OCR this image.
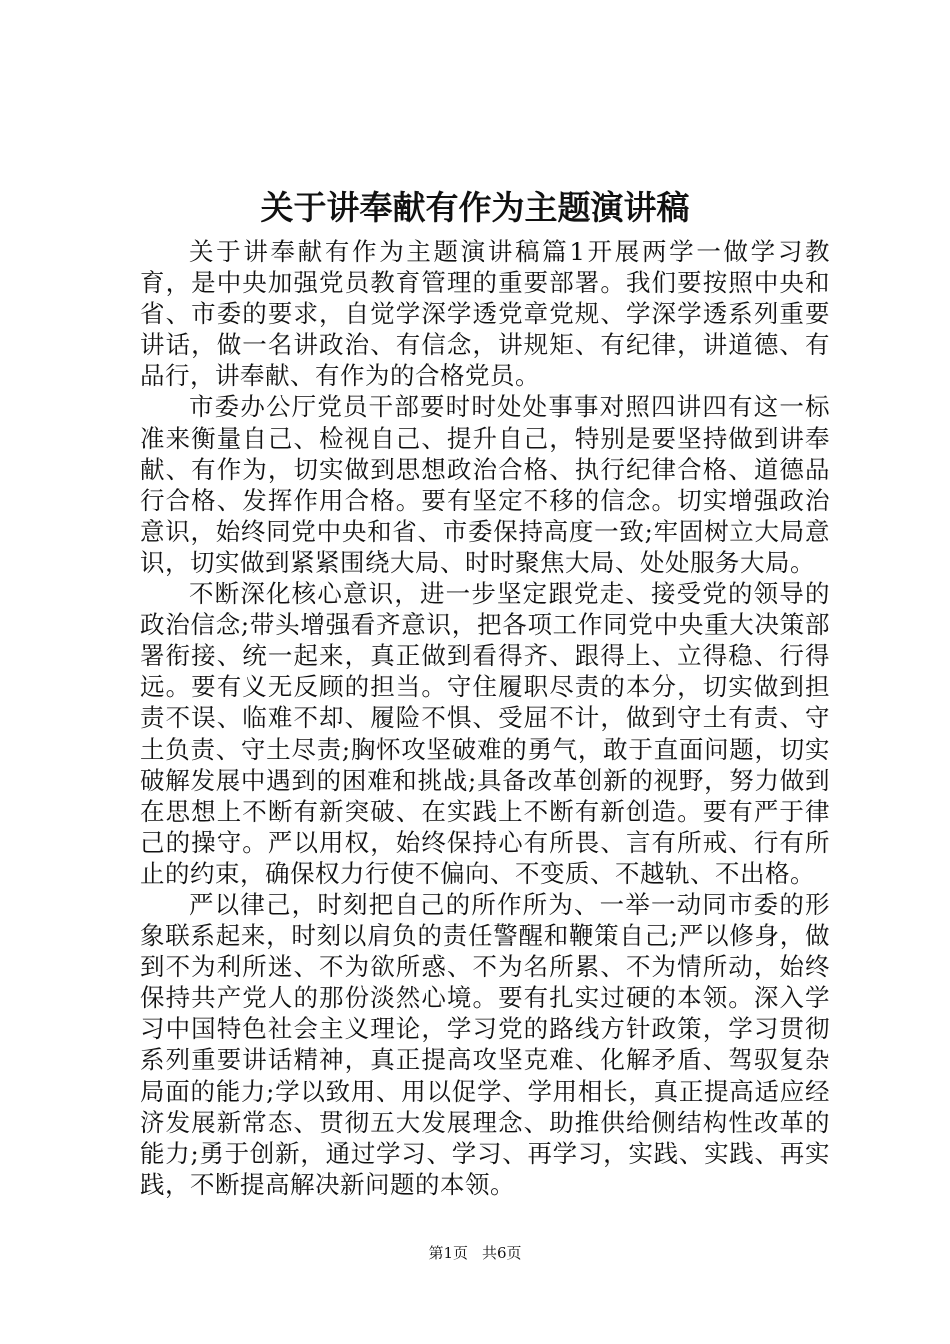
关于讲奉献有作为主题演讲稿

关于讲奉献有作为主题演讲稿篇1开展两学一做学习教育，是中央加强党员教育管理的重要部署。我们要按照中央和省、市委的要求，自觉学深学透党章党规、学深学透系列重要讲话，做一名讲政治、有信念，讲规矩、有纪律，讲道德、有品行，讲奉献、有作为的合格党员。

市委办公厅党员干部要时时处处事事对照四讲四有这一标准来衡量自己、检视自己、提升自己，特别是要坚持做到讲奉献、有作为，切实做到思想政治合格、执行纪律合格、道德品行合格、发挥作用合格。要有坚定不移的信念。切实增强政治意识，始终同党中央和省、市委保持高度一致;牢固树立大局意识，切实做到紧紧围绕大局、时时聚焦大局、处处服务大局。

不断深化核心意识，进一步坚定跟党走、接受党的领导的政治信念;带头增强看齐意识，把各项工作同党中央重大决策部署衔接、统一起来，真正做到看得齐、跟得上、立得稳、行得远。要有义无反顾的担当。守住履职尽责的本分，切实做到担责不误、临难不却、履险不惧、受屈不计，做到守土有责、守土负责、守土尽责;胸怀攻坚破难的勇气，敢于直面问题，切实破解发展中遇到的困难和挑战;具备改革创新的视野，努力做到在思想上不断有新突破、在实践上不断有新创造。要有严于律己的操守。严以用权，始终保持心有所畏、言有所戒、行有所止的约束，确保权力行使不偏向、不变质、不越轨、不出格。

严以律己，时刻把自己的所作所为、一举一动同市委的形象联系起来，时刻以肩负的责任警醒和鞭策自己;严以修身，做到不为利所迷、不为欲所惑、不为名所累、不为情所动，始终保持共产党人的那份淡然心境。要有扎实过硬的本领。深入学习中国特色社会主义理论，学习党的路线方针政策，学习贯彻系列重要讲话精神，真正提高攻坚克难、化解矛盾、驾驭复杂局面的能力;学以致用、用以促学、学用相长，真正提高适应经济发展新常态、贯彻五大发展理念、助推供给侧结构性改革的能力;勇于创新，通过学习、学习、再学习，实践、实践、再实践，不断提高解决新问题的本领。

第1页 共6页
